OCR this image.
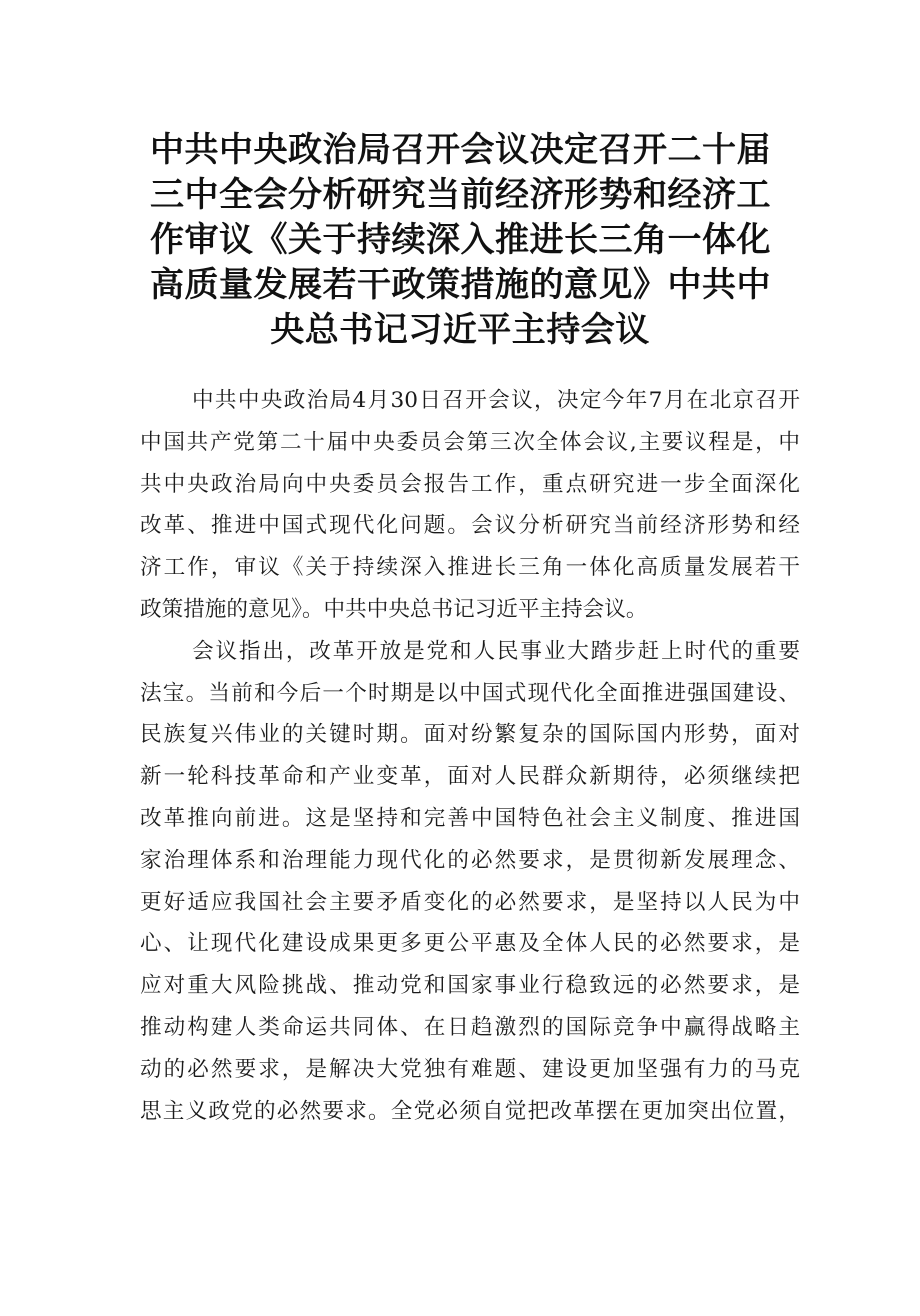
中共中央政治局召开会议决定召开二十届
三中全会分析研究当前经济形势和经济工
作审议《关于持续深入推进长三角一体化
高质量发展若干政策措施的意见》中共中
央总书记习近平主持会议

中共中央政治局4月30日召开会议，决定今年7月在北京召开
中国共产党第二十届中央委员会第三次全体会议,主要议程是，中
共中央政治局向中央委员会报告工作，重点研究进一步全面深化
改革、推进中国式现代化问题。会议分析研究当前经济形势和经
济工作，审议《关于持续深入推进长三角一体化高质量发展若干
政策措施的意见》。中共中央总书记习近平主持会议。

会议指出，改革开放是党和人民事业大踏步赶上时代的重要
法宝。当前和今后一个时期是以中国式现代化全面推进强国建设、
民族复兴伟业的关键时期。面对纷繁复杂的国际国内形势，面对
新一轮科技革命和产业变革，面对人民群众新期待，必须继续把
改革推向前进。这是坚持和完善中国特色社会主义制度、推进国
家治理体系和治理能力现代化的必然要求，是贯彻新发展理念、
更好适应我国社会主要矛盾变化的必然要求，是坚持以人民为中
心、让现代化建设成果更多更公平惠及全体人民的必然要求，是
应对重大风险挑战、推动党和国家事业行稳致远的必然要求，是
推动构建人类命运共同体、在日趋激烈的国际竞争中赢得战略主
动的必然要求，是解决大党独有难题、建设更加坚强有力的马克
思主义政党的必然要求。全党必须自觉把改革摆在更加突出位置，
